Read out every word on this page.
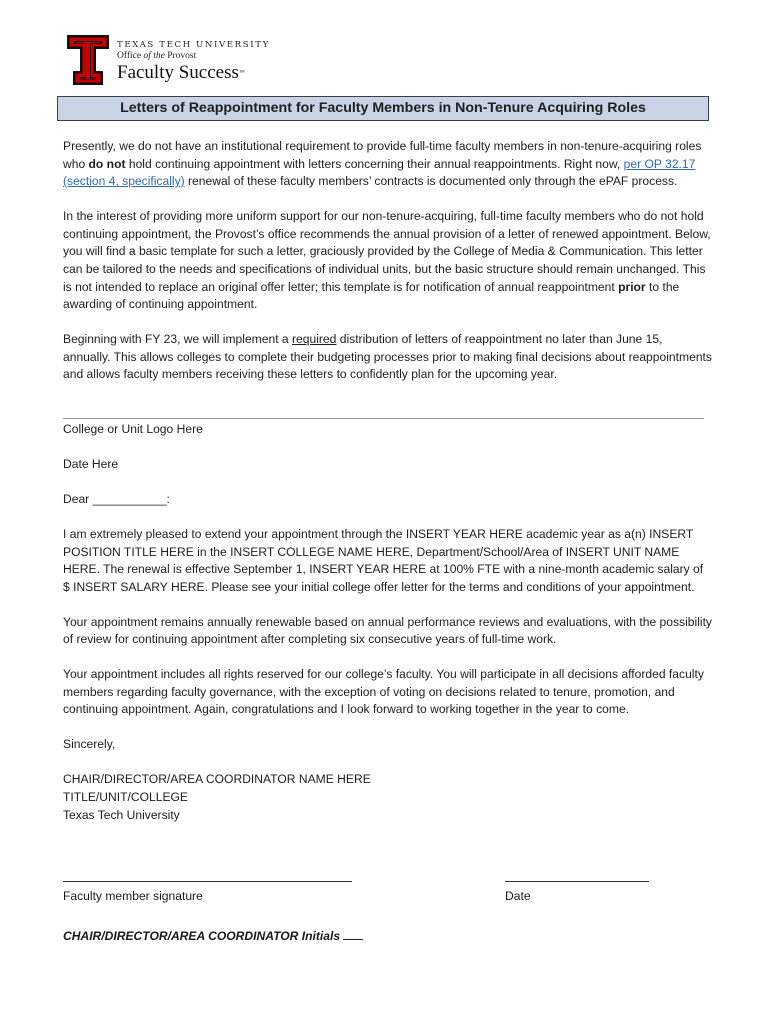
TEXAS TECH UNIVERSITY
Office of the Provost
Faculty Success™
Letters of Reappointment for Faculty Members in Non-Tenure Acquiring Roles

Presently, we do not have an institutional requirement to provide full-time faculty members in non-tenure-acquiring roles who do not hold continuing appointment with letters concerning their annual reappointments. Right now, per OP 32.17 (section 4, specifically) renewal of these faculty members’ contracts is documented only through the ePAF process.

In the interest of providing more uniform support for our non-tenure-acquiring, full-time faculty members who do not hold continuing appointment, the Provost’s office recommends the annual provision of a letter of renewed appointment. Below, you will find a basic template for such a letter, graciously provided by the College of Media & Communication. This letter can be tailored to the needs and specifications of individual units, but the basic structure should remain unchanged. This is not intended to replace an original offer letter; this template is for notification of annual reappointment prior to the awarding of continuing appointment.

Beginning with FY 23, we will implement a required distribution of letters of reappointment no later than June 15, annually. This allows colleges to complete their budgeting processes prior to making final decisions about reappointments and allows faculty members receiving these letters to confidently plan for the upcoming year.

College or Unit Logo Here

Date Here

Dear ___________:

I am extremely pleased to extend your appointment through the INSERT YEAR HERE academic year as a(n) INSERT POSITION TITLE HERE in the INSERT COLLEGE NAME HERE, Department/School/Area of INSERT UNIT NAME HERE. The renewal is effective September 1, INSERT YEAR HERE at 100% FTE with a nine-month academic salary of $ INSERT SALARY HERE. Please see your initial college offer letter for the terms and conditions of your appointment.

Your appointment remains annually renewable based on annual performance reviews and evaluations, with the possibility of review for continuing appointment after completing six consecutive years of full-time work.

Your appointment includes all rights reserved for our college’s faculty. You will participate in all decisions afforded faculty members regarding faculty governance, with the exception of voting on decisions related to tenure, promotion, and continuing appointment. Again, congratulations and I look forward to working together in the year to come.

Sincerely,

CHAIR/DIRECTOR/AREA COORDINATOR NAME HERE
TITLE/UNIT/COLLEGE
Texas Tech University
Faculty member signature	Date
CHAIR/DIRECTOR/AREA COORDINATOR Initials
